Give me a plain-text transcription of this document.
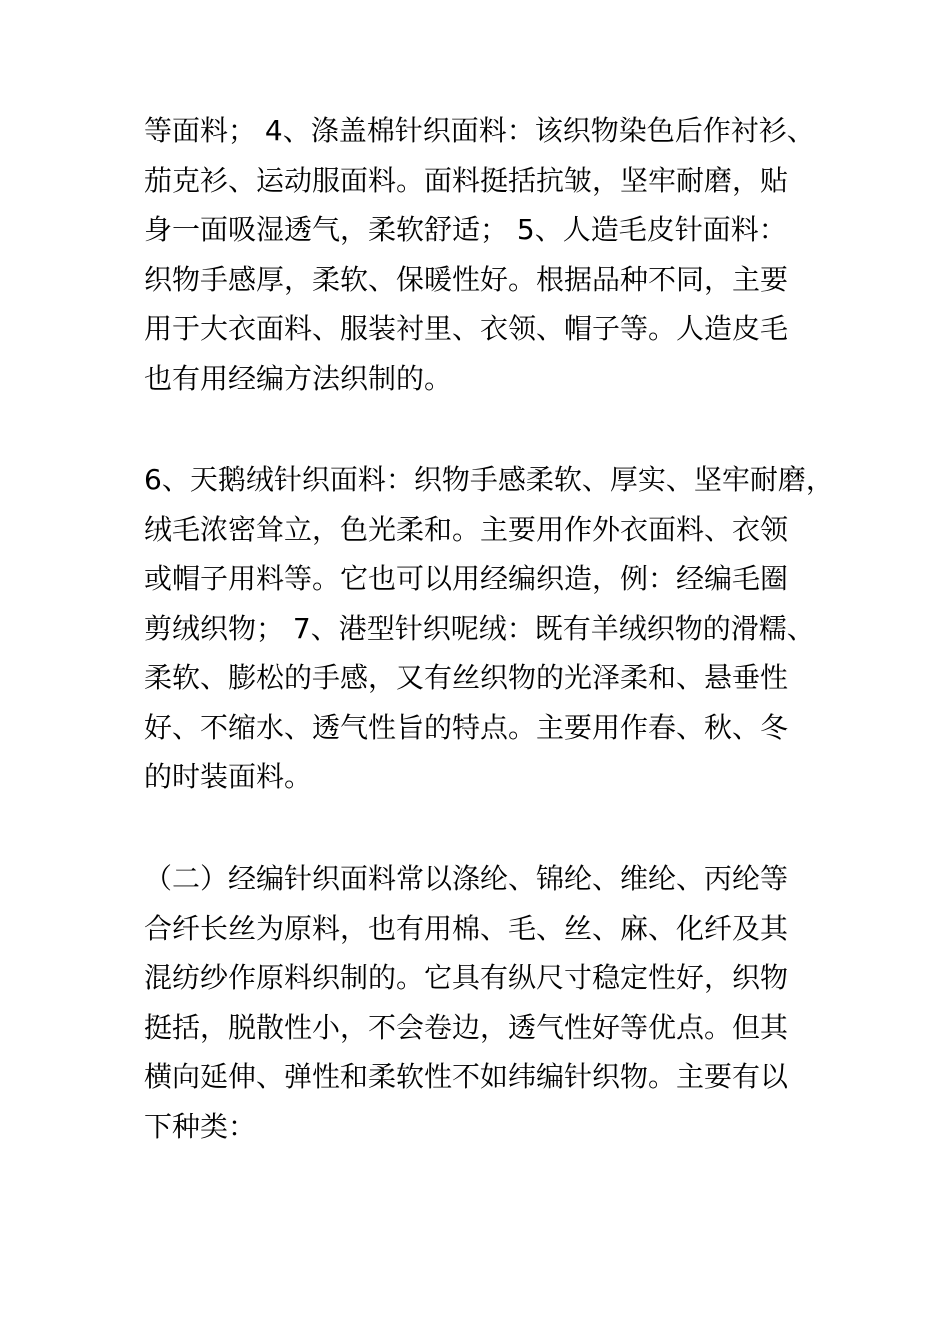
等面料； 4、涤盖棉针织面料：该织物染色后作衬衫、
茄克衫、运动服面料。面料挺括抗皱，坚牢耐磨，贴
身一面吸湿透气，柔软舒适； 5、人造毛皮针面料：
织物手感厚，柔软、保暖性好。根据品种不同，主要
用于大衣面料、服装衬里、衣领、帽子等。人造皮毛
也有用经编方法织制的。
6、天鹅绒针织面料：织物手感柔软、厚实、坚牢耐磨，
绒毛浓密耸立，色光柔和。主要用作外衣面料、衣领
或帽子用料等。它也可以用经编织造，例：经编毛圈
剪绒织物； 7、港型针织呢绒：既有羊绒织物的滑糯、
柔软、膨松的手感，又有丝织物的光泽柔和、悬垂性
好、不缩水、透气性旨的特点。主要用作春、秋、冬
的时装面料。
（二）经编针织面料常以涤纶、锦纶、维纶、丙纶等
合纤长丝为原料，也有用棉、毛、丝、麻、化纤及其
混纺纱作原料织制的。它具有纵尺寸稳定性好，织物
挺括，脱散性小，不会卷边，透气性好等优点。但其
横向延伸、弹性和柔软性不如纬编针织物。主要有以
下种类：
